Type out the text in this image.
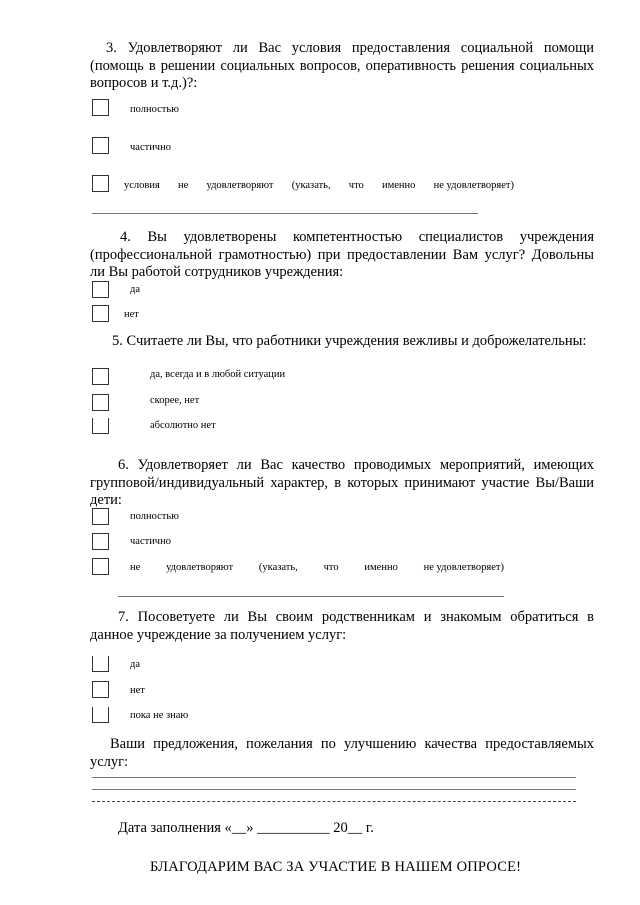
3. Удовлетворяют ли Вас условия предоставления социальной помощи (помощь в решении социальных вопросов, оперативность решения социальных вопросов и т.д.)?:

полностью
частично
условия не удовлетворяют (указать, что именно не удовлетворяет)

4. Вы удовлетворены компетентностью специалистов учреждения (профессиональной грамотностью) при предоставлении Вам услуг? Довольны ли Вы работой сотрудников учреждения:

да
нет

5. Считаете ли Вы, что работники учреждения вежливы и доброжелательны:

да, всегда и в любой ситуации
скорее, нет
абсолютно нет

6. Удовлетворяет ли Вас качество проводимых мероприятий, имеющих групповой/индивидуальный характер, в которых принимают участие Вы/Ваши дети:

полностью
частично
не удовлетворяют (указать, что именно не удовлетворяет)

7. Посоветуете ли Вы своим родственникам и знакомым обратиться в данное учреждение за получением услуг:

да
нет
пока не знаю

Ваши предложения, пожелания по улучшению качества предоставляемых услуг:

Дата заполнения «__» __________ 20__ г.
БЛАГОДАРИМ ВАС ЗА УЧАСТИЕ В НАШЕМ ОПРОСЕ!
